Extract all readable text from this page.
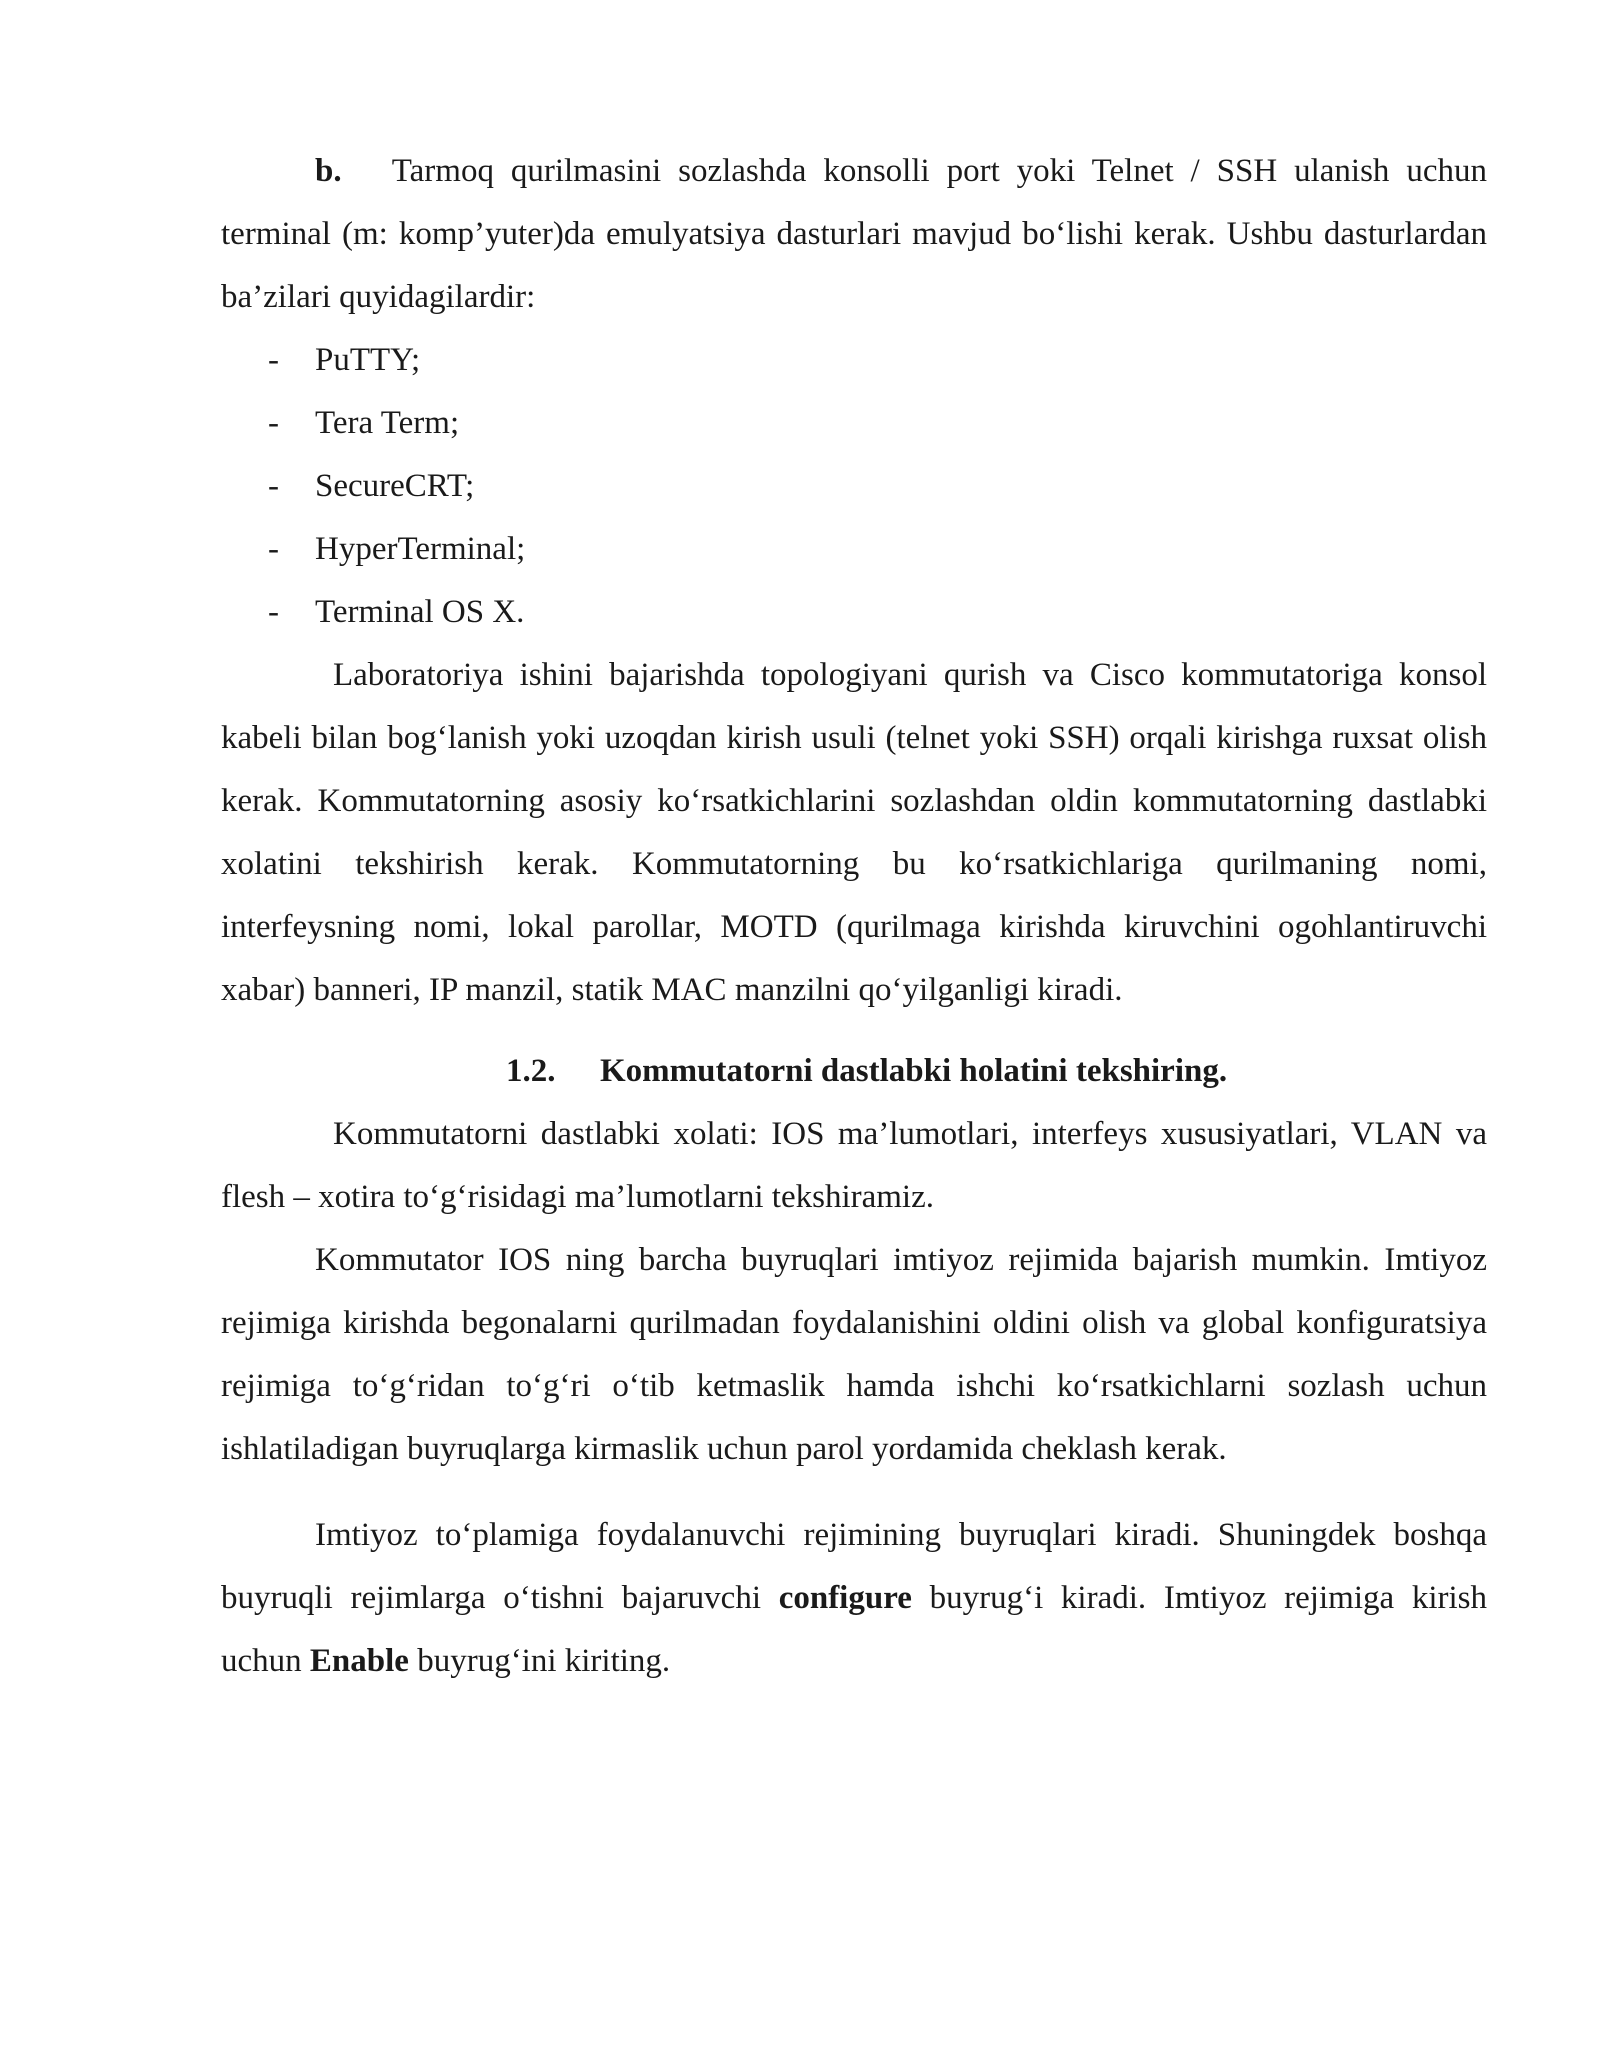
b. Tarmoq qurilmasini sozlashda konsolli port yoki Telnet / SSH ulanish uchun terminal (m: komp’yuter)da emulyatsiya dasturlari mavjud bo‘lishi kerak. Ushbu dasturlardan ba’zilari quyidagilardir:

- PuTTY;
- Tera Term;
- SecureCRT;
- HyperTerminal;
- Terminal OS X.

Laboratoriya ishini bajarishda topologiyani qurish va Cisco kommutatoriga konsol kabeli bilan bog‘lanish yoki uzoqdan kirish usuli (telnet yoki SSH) orqali kirishga ruxsat olish kerak. Kommutatorning asosiy ko‘rsatkichlarini sozlashdan oldin kommutatorning dastlabki xolatini tekshirish kerak. Kommutatorning bu ko‘rsatkichlariga qurilmaning nomi, interfeysning nomi, lokal parollar, MOTD (qurilmaga kirishda kiruvchini ogohlantiruvchi xabar) banneri, IP manzil, statik MAC manzilni qo‘yilganligi kiradi.

1.2. Kommutatorni dastlabki holatini tekshiring.

Kommutatorni dastlabki xolati: IOS ma’lumotlari, interfeys xususiyatlari, VLAN va flesh – xotira to‘g‘risidagi ma’lumotlarni tekshiramiz.

Kommutator IOS ning barcha buyruqlari imtiyoz rejimida bajarish mumkin. Imtiyoz rejimiga kirishda begonalarni qurilmadan foydalanishini oldini olish va global konfiguratsiya rejimiga to‘g‘ridan to‘g‘ri o‘tib ketmaslik hamda ishchi ko‘rsatkichlarni sozlash uchun ishlatiladigan buyruqlarga kirmaslik uchun parol yordamida cheklash kerak.

Imtiyoz to‘plamiga foydalanuvchi rejimining buyruqlari kiradi. Shuningdek boshqa buyruqli rejimlarga o‘tishni bajaruvchi configure buyrug‘i kiradi. Imtiyoz rejimiga kirish uchun Enable buyrug‘ini kiriting.
